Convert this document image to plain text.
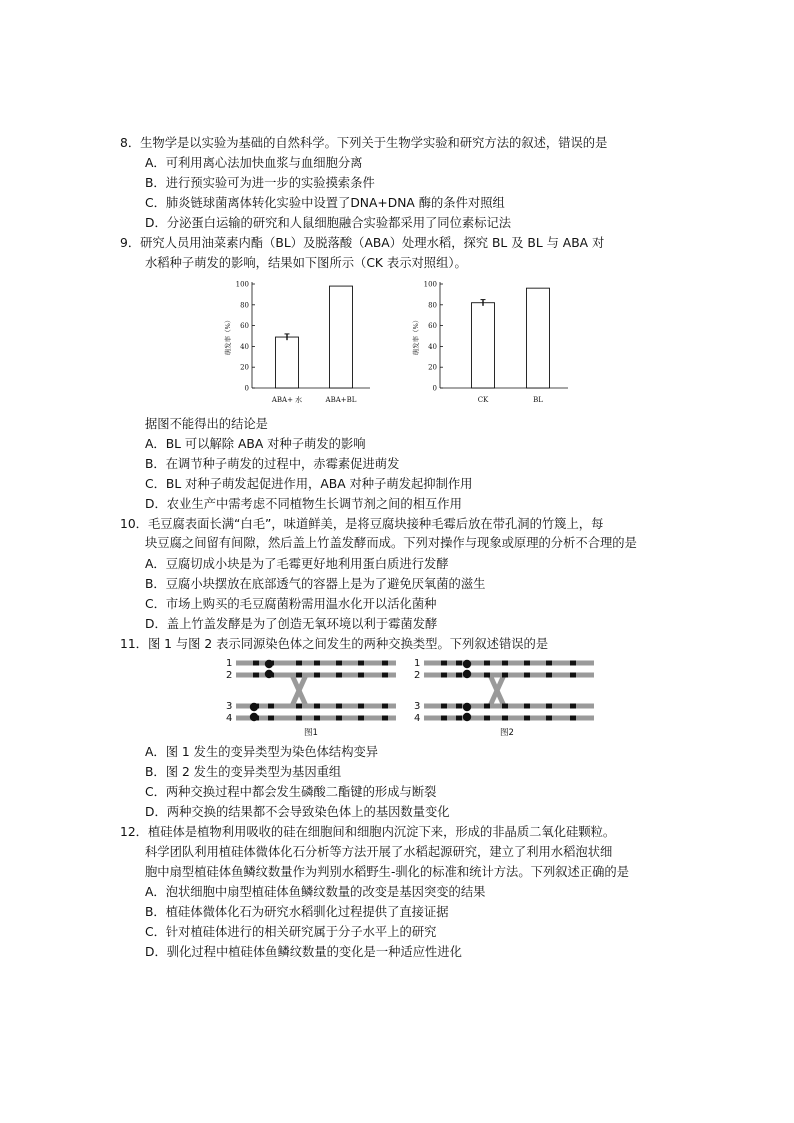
8．生物学是以实验为基础的自然科学。下列关于生物学实验和研究方法的叙述，错误的是
A．可利用离心法加快血浆与血细胞分离
B．进行预实验可为进一步的实验摸索条件
C．肺炎链球菌离体转化实验中设置了DNA+DNA 酶的条件对照组
D．分泌蛋白运输的研究和人鼠细胞融合实验都采用了同位素标记法
9．研究人员用油菜素内酯（BL）及脱落酸（ABA）处理水稻，探究 BL 及 BL 与 ABA 对
水稻种子萌发的影响，结果如下图所示（CK 表示对照组）。
0
20
40
60
80
100
萌发率（%）
ABA+ 水	ABA+BL
0
20
40
60
80
100
萌发率（%）
CK	BL
据图不能得出的结论是
A．BL 可以解除 ABA 对种子萌发的影响
B．在调节种子萌发的过程中，赤霉素促进萌发
C．BL 对种子萌发起促进作用，ABA 对种子萌发起抑制作用
D．农业生产中需考虑不同植物生长调节剂之间的相互作用
10．毛豆腐表面长满“白毛”，味道鲜美，是将豆腐块接种毛霉后放在带孔洞的竹篾上，每
块豆腐之间留有间隙，然后盖上竹盖发酵而成。下列对操作与现象或原理的分析不合理的是
A．豆腐切成小块是为了毛霉更好地利用蛋白质进行发酵
B．豆腐小块摆放在底部透气的容器上是为了避免厌氧菌的滋生
C．市场上购买的毛豆腐菌粉需用温水化开以活化菌种
D．盖上竹盖发酵是为了创造无氧环境以利于霉菌发酵
11．图 1 与图 2 表示同源染色体之间发生的两种交换类型。下列叙述错误的是
1
2
3
4
图1
1
2
3
4
图2
A．图 1 发生的变异类型为染色体结构变异
B．图 2 发生的变异类型为基因重组
C．两种交换过程中都会发生磷酸二酯键的形成与断裂
D．两种交换的结果都不会导致染色体上的基因数量变化
12．植硅体是植物利用吸收的硅在细胞间和细胞内沉淀下来，形成的非晶质二氧化硅颗粒。
科学团队利用植硅体微体化石分析等方法开展了水稻起源研究，建立了利用水稻泡状细
胞中扇型植硅体鱼鳞纹数量作为判别水稻野生-驯化的标准和统计方法。下列叙述正确的是
A．泡状细胞中扇型植硅体鱼鳞纹数量的改变是基因突变的结果
B．植硅体微体化石为研究水稻驯化过程提供了直接证据
C．针对植硅体进行的相关研究属于分子水平上的研究
D．驯化过程中植硅体鱼鳞纹数量的变化是一种适应性进化
